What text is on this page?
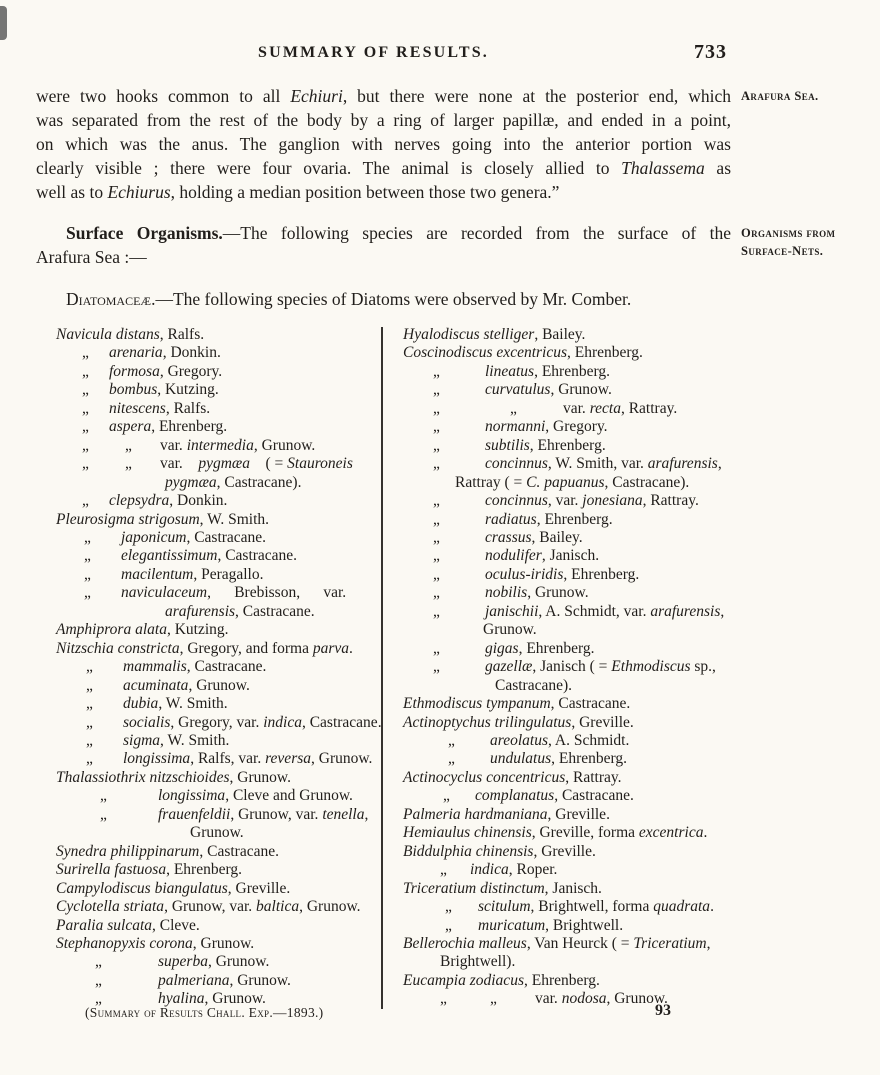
SUMMARY OF RESULTS.	733
Arafura Sea.
Organisms from
Surface-Nets.
were two hooks common to all Echiuri, but there were none at the posterior end, which
was separated from the rest of the body by a ring of larger papillæ, and ended in a point,
on which was the anus. The ganglion with nerves going into the anterior portion was
clearly visible ; there were four ovaria. The animal is closely allied to Thalassema as
well as to Echiurus, holding a median position between those two genera.”
Surface Organisms.—The following species are recorded from the surface of the
Arafura Sea :—
Diatomaceæ.—The following species of Diatoms were observed by Mr. Comber.
Navicula distans, Ralfs.
„ arenaria, Donkin.
„ formosa, Gregory.
„ bombus, Kutzing.
„ nitescens, Ralfs.
„ aspera, Ehrenberg.
„ „ var. intermedia, Grunow.
„ „ var. pygmæa ( = Stauroneis
pygmæa, Castracane).
„ clepsydra, Donkin.
Pleurosigma strigosum, W. Smith.
„ japonicum, Castracane.
„ elegantissimum, Castracane.
„ macilentum, Peragallo.
„ naviculaceum,  Brebisson,  var.
arafurensis, Castracane.
Amphiprora alata, Kutzing.
Nitzschia constricta, Gregory, and forma parva.
„ mammalis, Castracane.
„ acuminata, Grunow.
„ dubia, W. Smith.
„ socialis, Gregory, var. indica, Castracane.
„ sigma, W. Smith.
„ longissima, Ralfs, var. reversa, Grunow.
Thalassiothrix nitzschioides, Grunow.
„	longissima, Cleve and Grunow.
„	frauenfeldii, Grunow, var. tenella,
Grunow.
Synedra philippinarum, Castracane.
Surirella fastuosa, Ehrenberg.
Campylodiscus biangulatus, Greville.
Cyclotella striata, Grunow, var. baltica, Grunow.
Paralia sulcata, Cleve.
Stephanopyxis corona, Grunow.
„	superba, Grunow.
„	palmeriana, Grunow.
„	hyalina, Grunow.
Hyalodiscus stelliger, Bailey.
Coscinodiscus excentricus, Ehrenberg.
„	lineatus, Ehrenberg.
„	curvatulus, Grunow.
„	„	var. recta, Rattray.
„	normanni, Gregory.
„	subtilis, Ehrenberg.
„	concinnus, W. Smith, var. arafurensis,
Rattray ( = C. papuanus, Castracane).
„	concinnus, var. jonesiana, Rattray.
„	radiatus, Ehrenberg.
„	crassus, Bailey.
„	nodulifer, Janisch.
„	oculus-iridis, Ehrenberg.
„	nobilis, Grunow.
„	janischii, A. Schmidt, var. arafurensis,
Grunow.
„	gigas, Ehrenberg.
„	gazellæ, Janisch ( = Ethmodiscus sp.,
Castracane).
Ethmodiscus tympanum, Castracane.
Actinoptychus trilingulatus, Greville.
„ areolatus, A. Schmidt.
„ undulatus, Ehrenberg.
Actinocyclus concentricus, Rattray.
„ complanatus, Castracane.
Palmeria hardmaniana, Greville.
Hemiaulus chinensis, Greville, forma excentrica.
Biddulphia chinensis, Greville.
„ indica, Roper.
Triceratium distinctum, Janisch.
„ scitulum, Brightwell, forma quadrata.
„ muricatum, Brightwell.
Bellerochia malleus, Van Heurck ( = Triceratium,
Brightwell).
Eucampia zodiacus, Ehrenberg.
„	„ var. nodosa, Grunow.
(Summary of Results Chall. Exp.—1893.)	93
